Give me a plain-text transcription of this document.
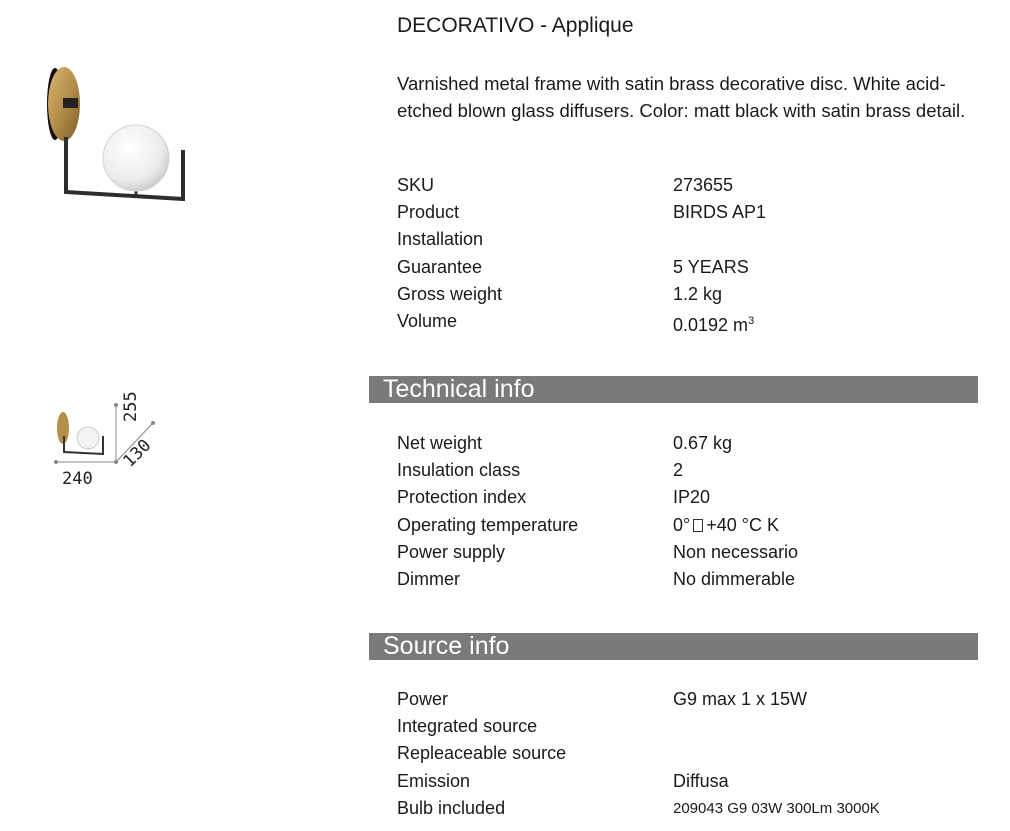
255
130
240
DECORATIVO - Applique
Varnished metal frame with satin brass decorative disc. White acid-etched blown glass diffusers. Color: matt black with satin brass detail.
SKU	273655
Product	BIRDS AP1
Installation
Guarantee	5 YEARS
Gross weight	1.2 kg
Volume	0.0192 $m^3$
Technical info
Net weight	0.67 kg
Insulation class	2
Protection index	IP20
Operating temperature	0° +40 °C K
Power supply	Non necessario
Dimmer	No dimmerable
Source info
Power	G9 max 1 x 15W
Integrated source
Repleaceable source
Emission	Diffusa
Bulb included	209043 G9 03W 300Lm 3000K
